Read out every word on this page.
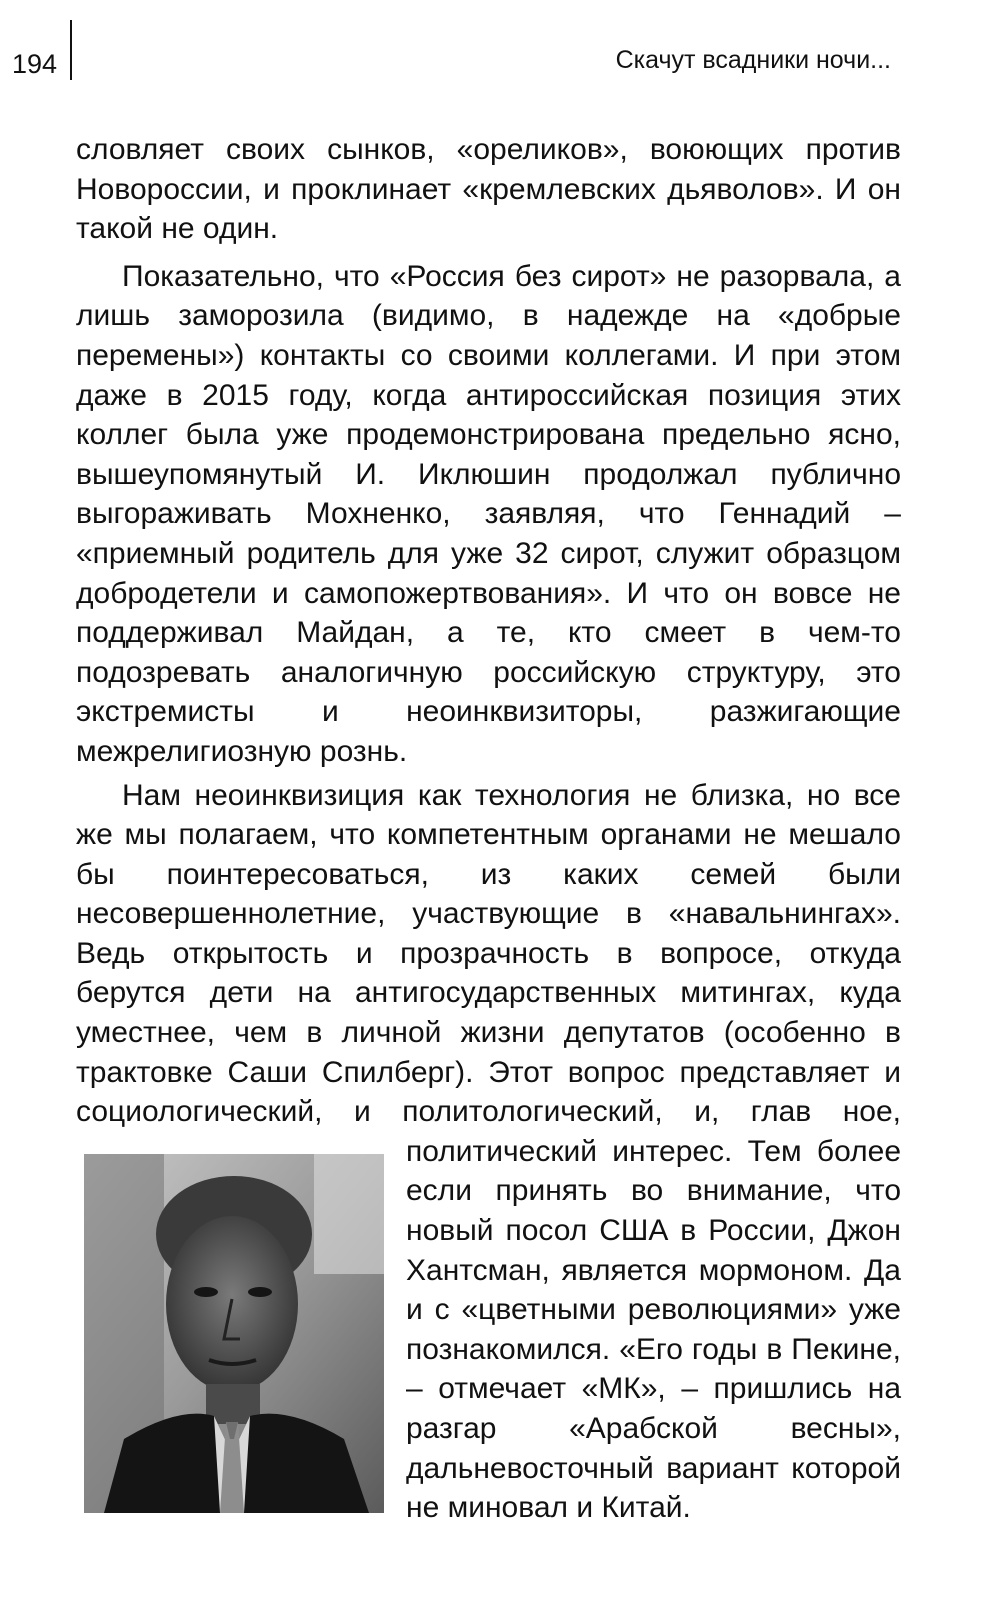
194	Скачут всадники ночи...

словляет своих сынков, «ореликов», воюющих против Новороссии, и проклинает «кремлевских дьяволов». И он такой не один.

Показательно, что «Россия без сирот» не разорвала, а лишь заморозила (видимо, в надежде на «добрые перемены») контакты со своими коллегами. И при этом даже в 2015 году, когда антироссийская позиция этих коллег была уже продемонстрирована предельно ясно, вышеупомянутый И. Иклюшин продолжал публично выгораживать Мохненко, заявляя, что Геннадий – «приемный родитель для уже 32 сирот, служит образцом добродетели и самопожертвования». И что он вовсе не поддерживал Майдан, а те, кто смеет в чем-то подозревать аналогичную российскую структуру, это экстремисты и неоинквизиторы, разжигающие межрелигиозную рознь.

Нам неоинквизиция как технология не близка, но все же мы полагаем, что компетентным органами не мешало бы поинтересоваться, из каких семей были несовершеннолетние, участвующие в «навальнингах». Ведь открытость и прозрачность в вопросе, откуда берутся дети на антигосударственных митингах, куда уместнее, чем в личной жизни депутатов (особенно в трактовке Саши Спилберг). Этот вопрос представляет и социологический, и политологический, и, глав ное, политический интерес. Тем более если принять во внимание, что новый посол США в России, Джон Хантсман, является мормоном. Да и с «цветными революциями» уже познакомился. «Его годы в Пекине, – отмечает «МК», – пришлись на разгар «Арабской весны», дальневосточный вариант которой не миновал и Китай.
